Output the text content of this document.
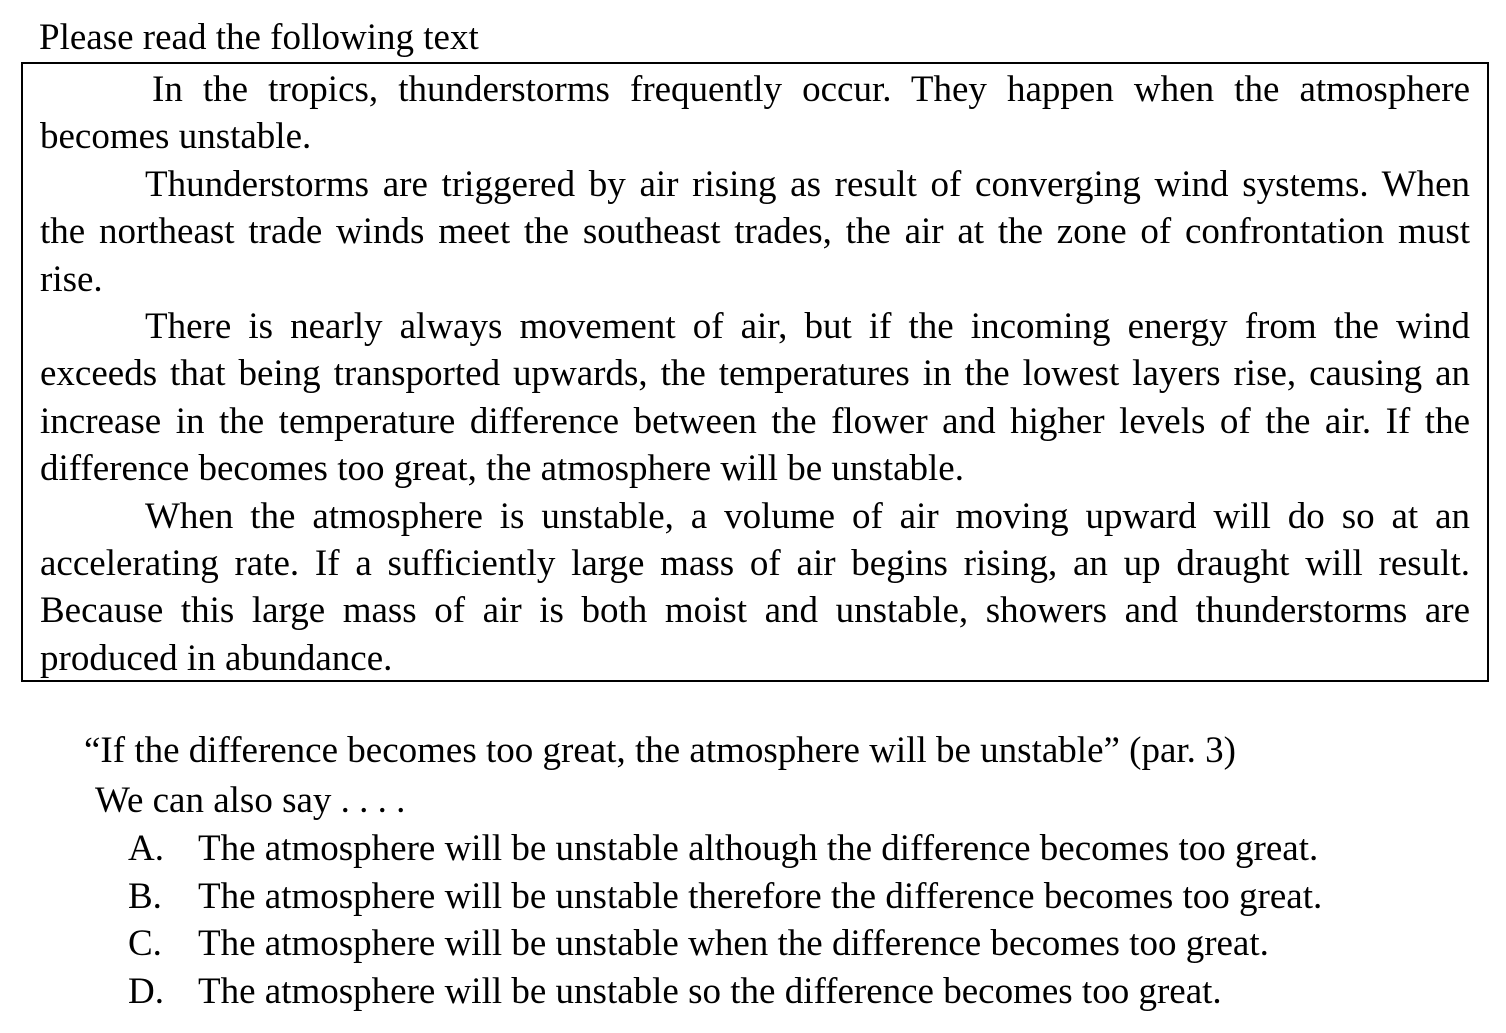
Please read the following text

In the tropics, thunderstorms frequently occur. They happen when the atmosphere becomes unstable.

Thunderstorms are triggered by air rising as result of converging wind systems. When the northeast trade winds meet the southeast trades, the air at the zone of confrontation must rise.

There is nearly always movement of air, but if the incoming energy from the wind exceeds that being transported upwards, the temperatures in the lowest layers rise, causing an increase in the temperature difference between the flower and higher levels of the air. If the difference becomes too great, the atmosphere will be unstable.

When the atmosphere is unstable, a volume of air moving upward will do so at an accelerating rate. If a sufficiently large mass of air begins rising, an up draught will result. Because this large mass of air is both moist and unstable, showers and thunderstorms are produced in abundance.

“If the difference becomes too great, the atmosphere will be unstable” (par. 3)
We can also say . . . .
A. The atmosphere will be unstable although the difference becomes too great.
B. The atmosphere will be unstable therefore the difference becomes too great.
C. The atmosphere will be unstable when the difference becomes too great.
D. The atmosphere will be unstable so the difference becomes too great.
